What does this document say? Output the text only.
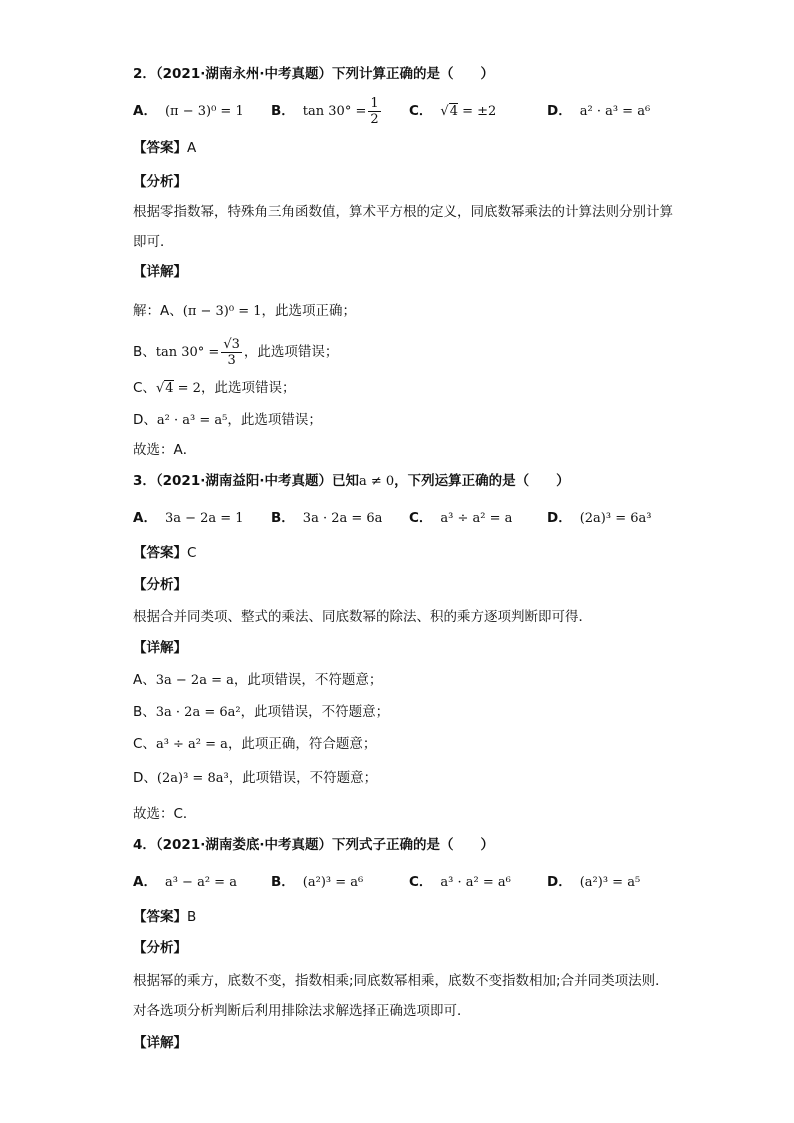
2．（2021·湖南永州·中考真题）下列计算正确的是（　　）
A． (π − 3)⁰ = 1 B． $\tan 30^\circ = \frac{1}{2}$ C． √4 = ±2	D． a² · a³ = a⁶
【答案】A
【分析】
根据零指数幂，特殊角三角函数值，算术平方根的定义，同底数幂乘法的计算法则分别计算即可．
【详解】
解：A、(π − 3)⁰ = 1，此选项正确；
B、$\tan 30^\circ = \frac{√3}{3}$ ，此选项错误；
C、√4 = 2，此选项错误；
D、a² · a³ = a⁵，此选项错误；
故选：A．
3．（2021·湖南益阳·中考真题）已知a ≠ 0，下列运算正确的是（　　）
A． 3a − 2a = 1 B． 3a · 2a = 6a C． a³ ÷ a² = a	D． (2a)³ = 6a³
【答案】C
【分析】
根据合并同类项、整式的乘法、同底数幂的除法、积的乘方逐项判断即可得．
【详解】
A、3a − 2a = a，此项错误，不符题意；
B、3a · 2a = 6a²，此项错误，不符题意；
C、a³ ÷ a² = a，此项正确，符合题意；
D、(2a)³ = 8a³，此项错误，不符题意；
故选：C．
4．（2021·湖南娄底·中考真题）下列式子正确的是（　　）
A． a³ − a² = a	B． (a²)³ = a⁶	C． a³ · a² = a⁶	D． (a²)³ = a⁵
【答案】B
【分析】
根据幂的乘方，底数不变，指数相乘;同底数幂相乘，底数不变指数相加;合并同类项法则．对各选项分析判断后利用排除法求解选择正确选项即可．
【详解】
